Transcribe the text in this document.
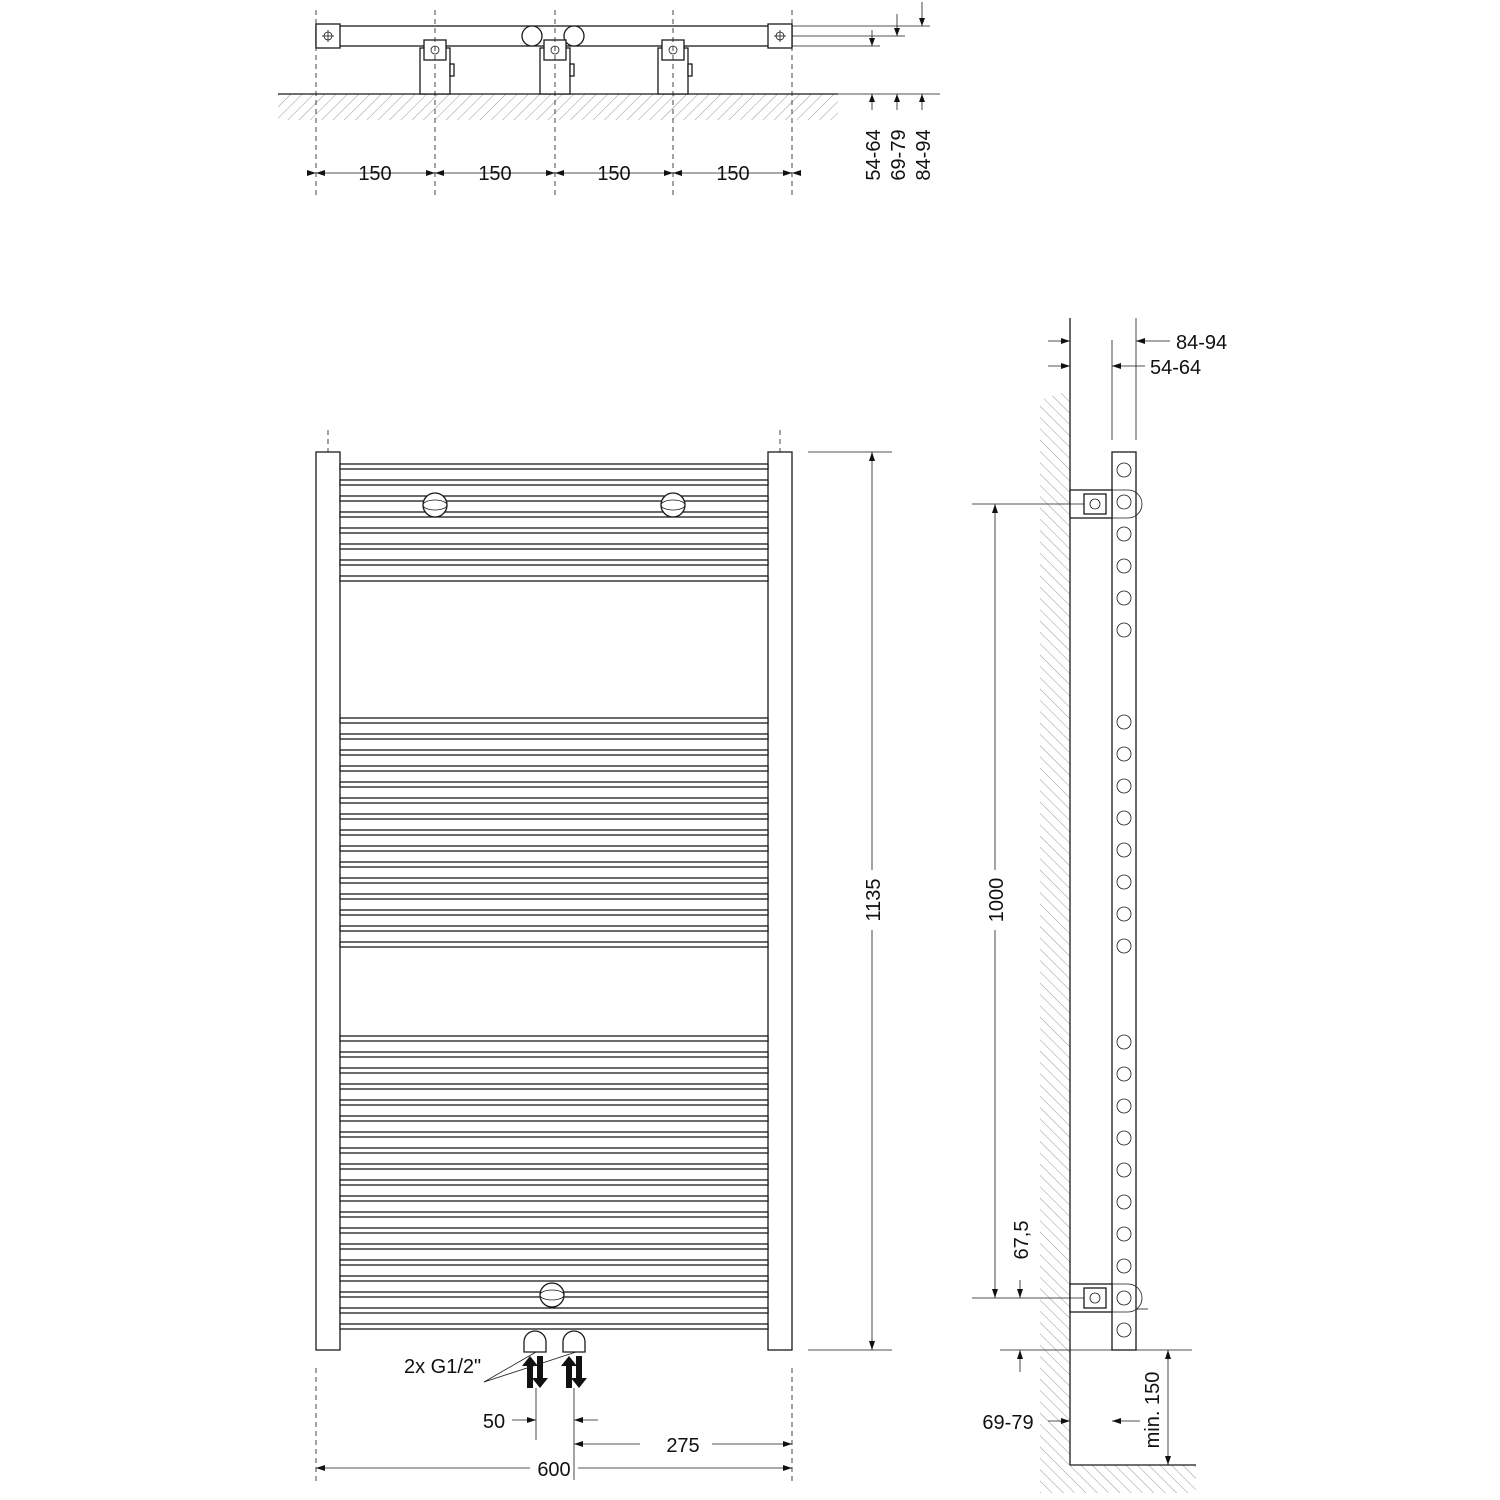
150	150	150	150	54-64 69-79 84-94
2x G1/2"
1135
50
275
600
84-94
54-64
1000
67,5
69-79	min. 150
